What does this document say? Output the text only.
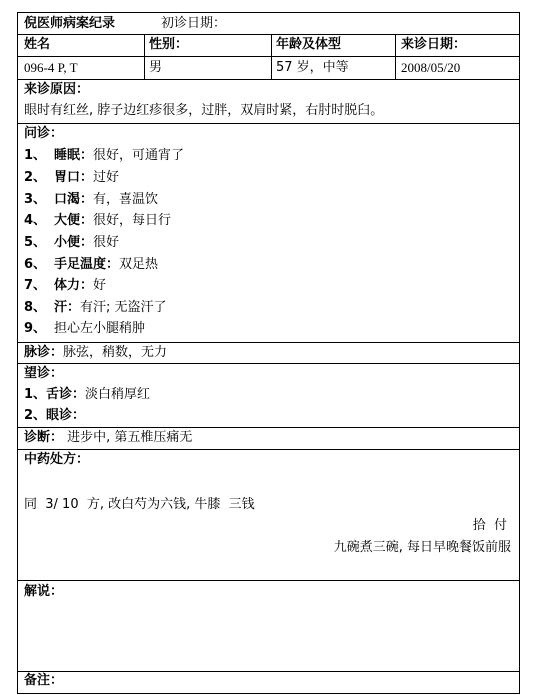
倪医师病案纪录	初诊日期：
姓名	性别：	年龄及体型	来诊日期：
096-4 P, T	男	57 岁，中等	2008/05/20
来诊原因：
眼时有红丝, 脖子边红疹很多，过胖，双肩时紧，右肘时脱臼。
问诊：
1、 睡眠：很好，可通宵了
2、 胃口：过好
3、 口渴：有，喜温饮
4、 大便：很好，每日行
5、 小便：很好
6、 手足温度：双足热
7、 体力：好
8、 汗：有汗; 无盗汗了
9、 担心左小腿稍肿
脉诊：脉弦，稍数，无力
望诊：
1、舌诊：淡白稍厚红
2、眼诊：
诊断： 进步中, 第五椎压痛无
中药处方：
同  3/ 10  方, 改白芍为六钱, 牛膝  三钱
拾  付
九碗煮三碗, 每日早晚餐饭前服
解说：
备注：
